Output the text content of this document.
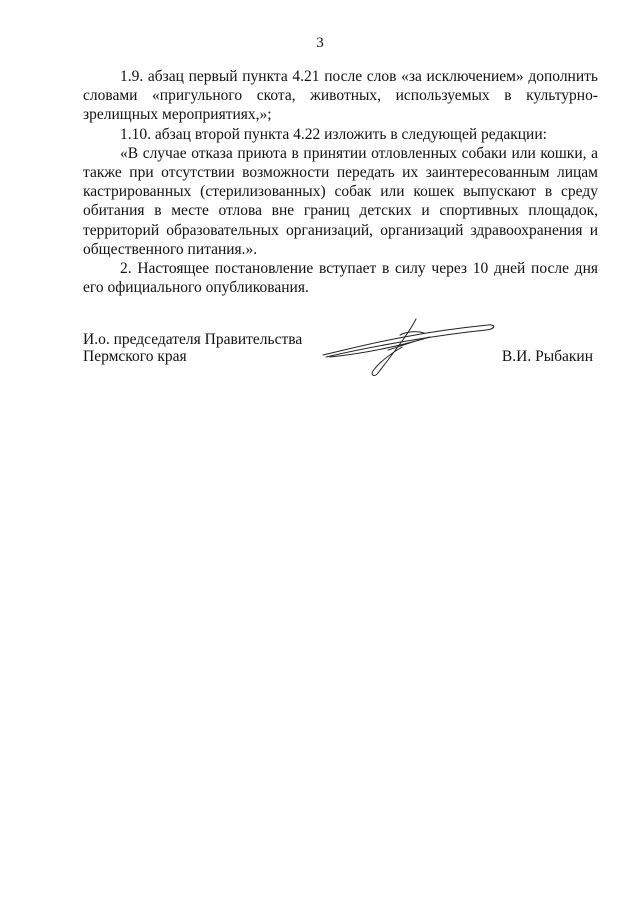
3

1.9. абзац первый пункта 4.21 после слов «за исключением» дополнить словами «пригульного скота, животных, используемых в культурно-зрелищных мероприятиях,»;

1.10. абзац второй пункта 4.22 изложить в следующей редакции:

«В случае отказа приюта в принятии отловленных собаки или кошки, а также при отсутствии возможности передать их заинтересованным лицам кастрированных (стерилизованных) собак или кошек выпускают в среду обитания в месте отлова вне границ детских и спортивных площадок, территорий образовательных организаций, организаций здравоохранения и общественного питания.».

2. Настоящее постановление вступает в силу через 10 дней после дня его официального опубликования.

И.о. председателя Правительства
Пермского края	В.И. Рыбакин
